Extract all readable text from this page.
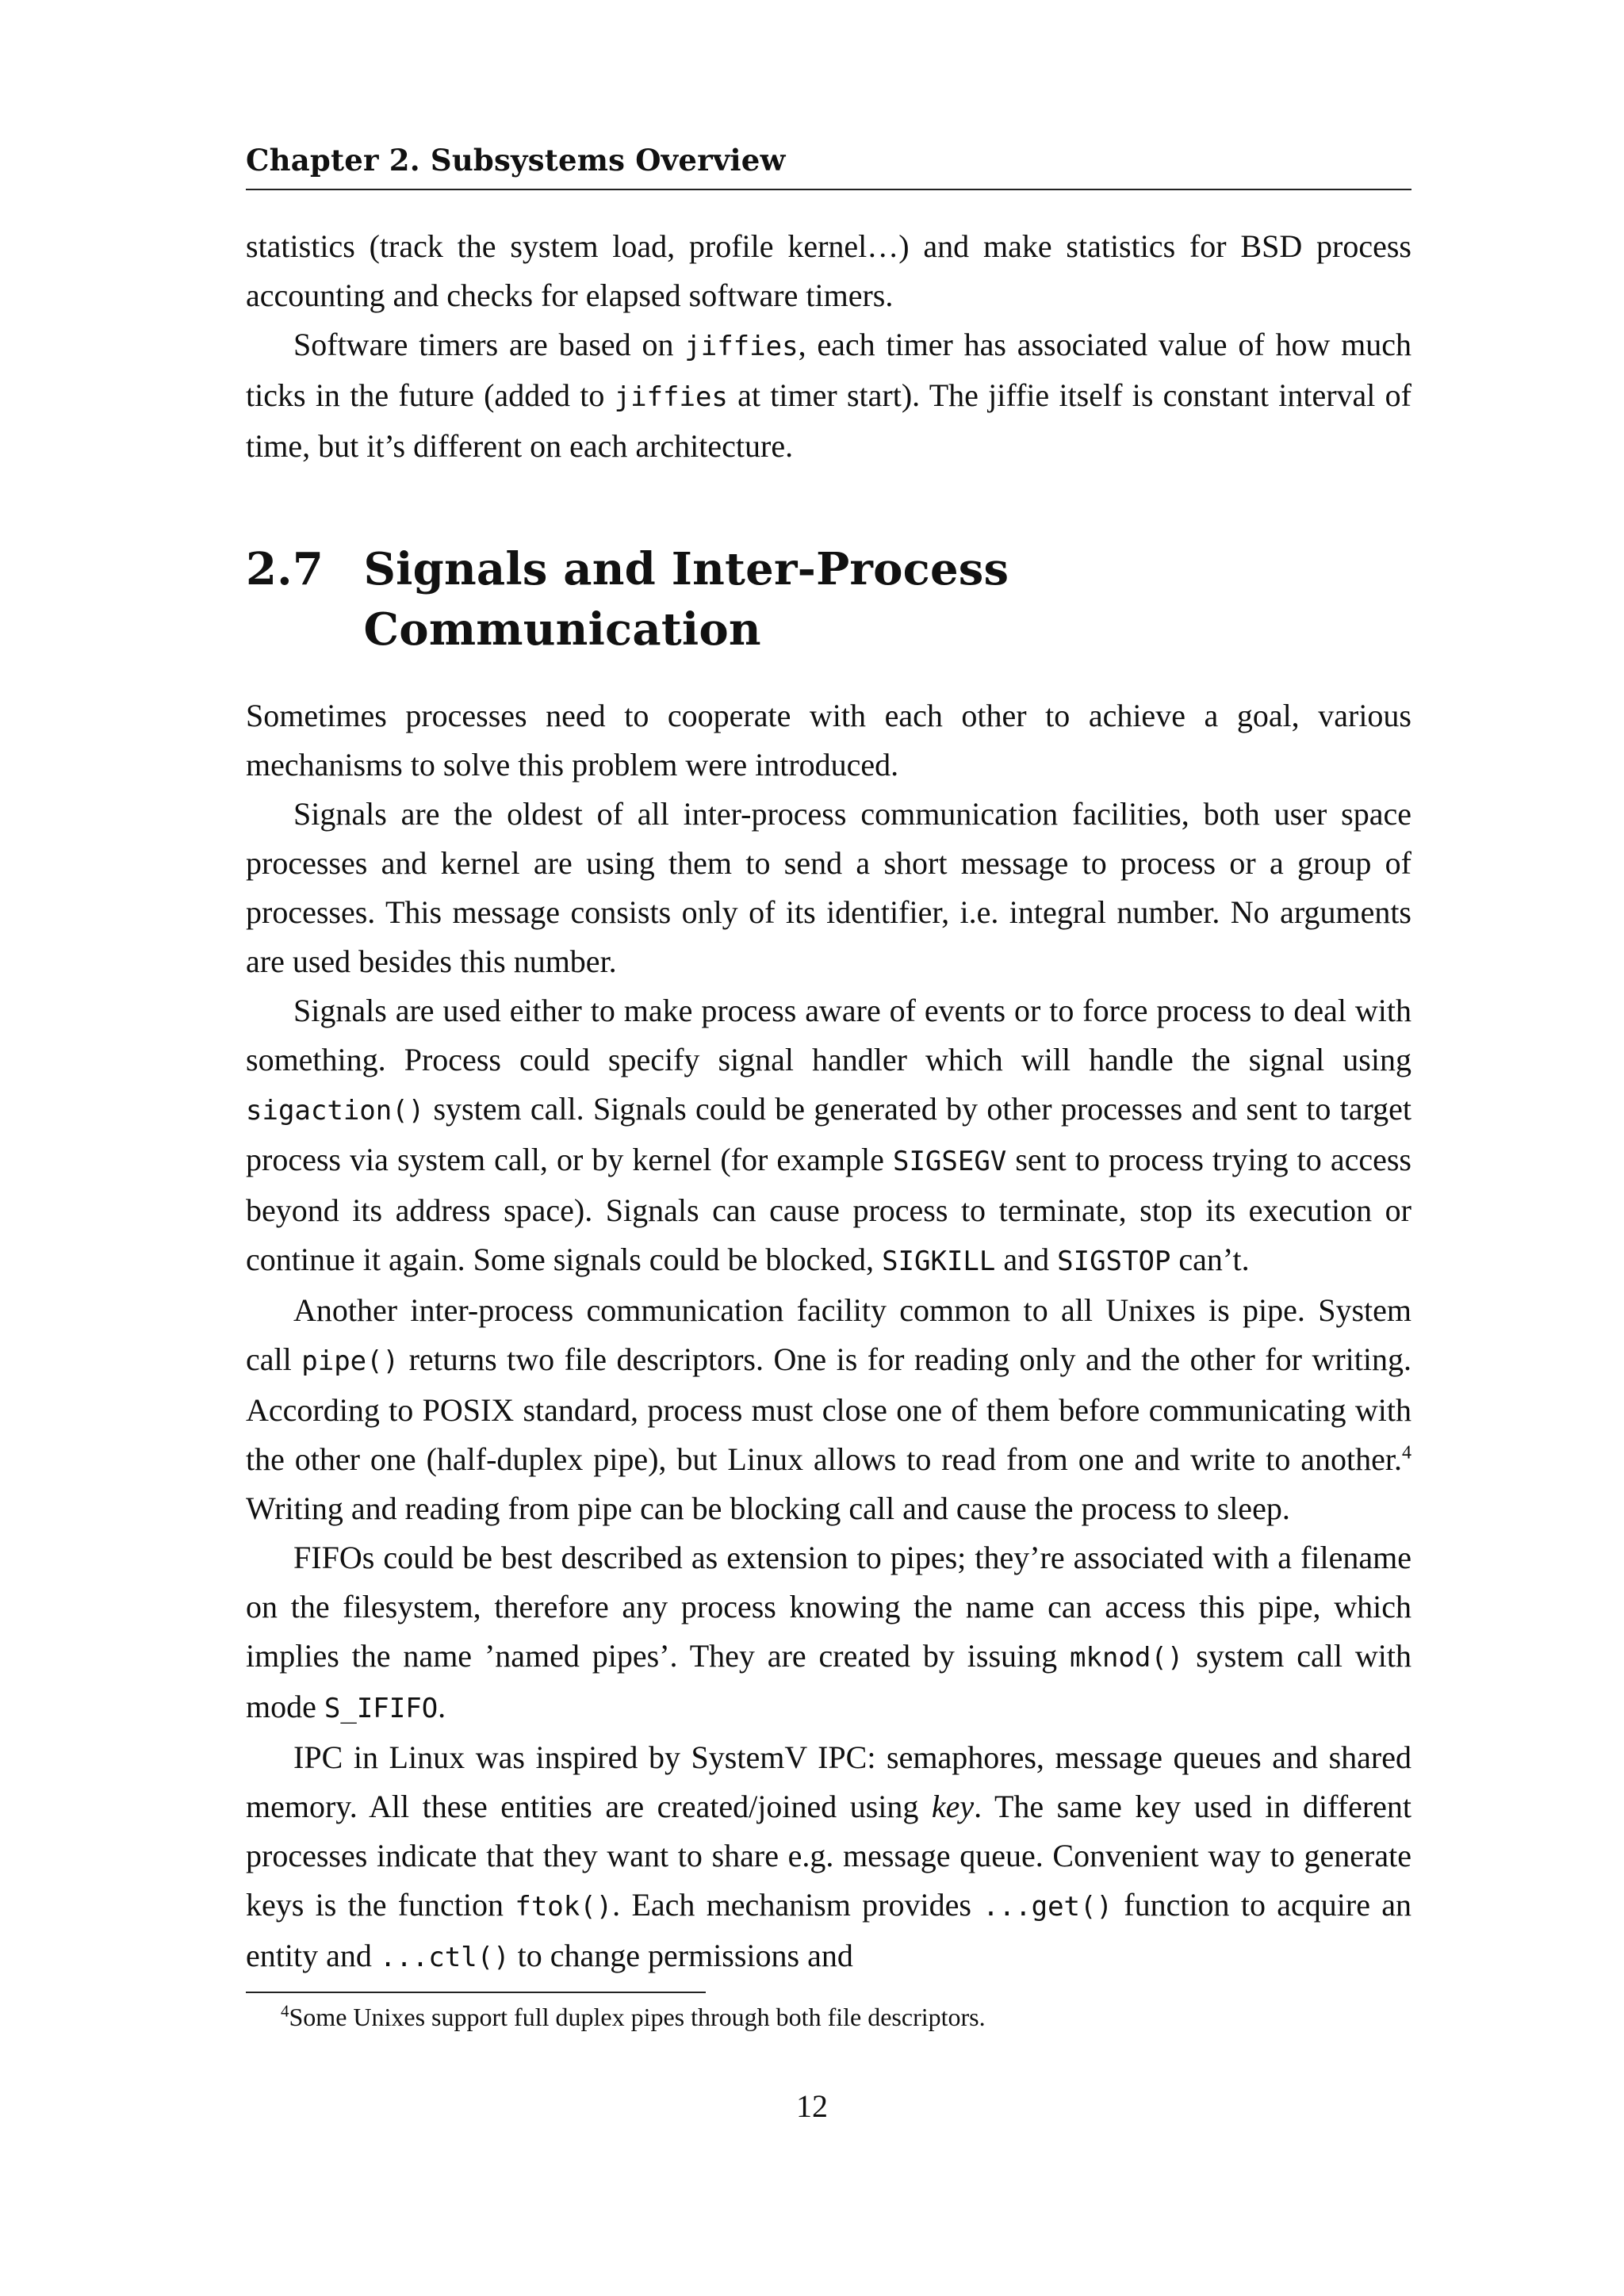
Chapter 2. Subsystems Overview

statistics (track the system load, profile kernel…) and make statistics for BSD process accounting and checks for elapsed software timers.

Software timers are based on jiffies, each timer has associated value of how much ticks in the future (added to jiffies at timer start). The jiffie itself is constant interval of time, but it’s different on each architecture.

2.7 Signals and Inter-Process Communication

Sometimes processes need to cooperate with each other to achieve a goal, various mechanisms to solve this problem were introduced.

Signals are the oldest of all inter-process communication facilities, both user space processes and kernel are using them to send a short message to process or a group of processes. This message consists only of its identifier, i.e. integral number. No arguments are used besides this number.

Signals are used either to make process aware of events or to force process to deal with something. Process could specify signal handler which will handle the signal using sigaction() system call. Signals could be generated by other processes and sent to target process via system call, or by kernel (for example SIGSEGV sent to process trying to access beyond its address space). Signals can cause process to terminate, stop its execution or continue it again. Some signals could be blocked, SIGKILL and SIGSTOP can’t.

Another inter-process communication facility common to all Unixes is pipe. System call pipe() returns two file descriptors. One is for reading only and the other for writing. According to POSIX standard, process must close one of them before communicating with the other one (half-duplex pipe), but Linux allows to read from one and write to another.$^4$ Writing and reading from pipe can be blocking call and cause the process to sleep.

FIFOs could be best described as extension to pipes; they’re associated with a filename on the filesystem, therefore any process knowing the name can access this pipe, which implies the name ’named pipes’. They are created by issuing mknod() system call with mode S_IFIFO.

IPC in Linux was inspired by SystemV IPC: semaphores, message queues and shared memory. All these entities are created/joined using key. The same key used in different processes indicate that they want to share e.g. message queue. Convenient way to generate keys is the function ftok(). Each mechanism provides ...get() function to acquire an entity and ...ctl() to change permissions and

$^4$Some Unixes support full duplex pipes through both file descriptors.
12
